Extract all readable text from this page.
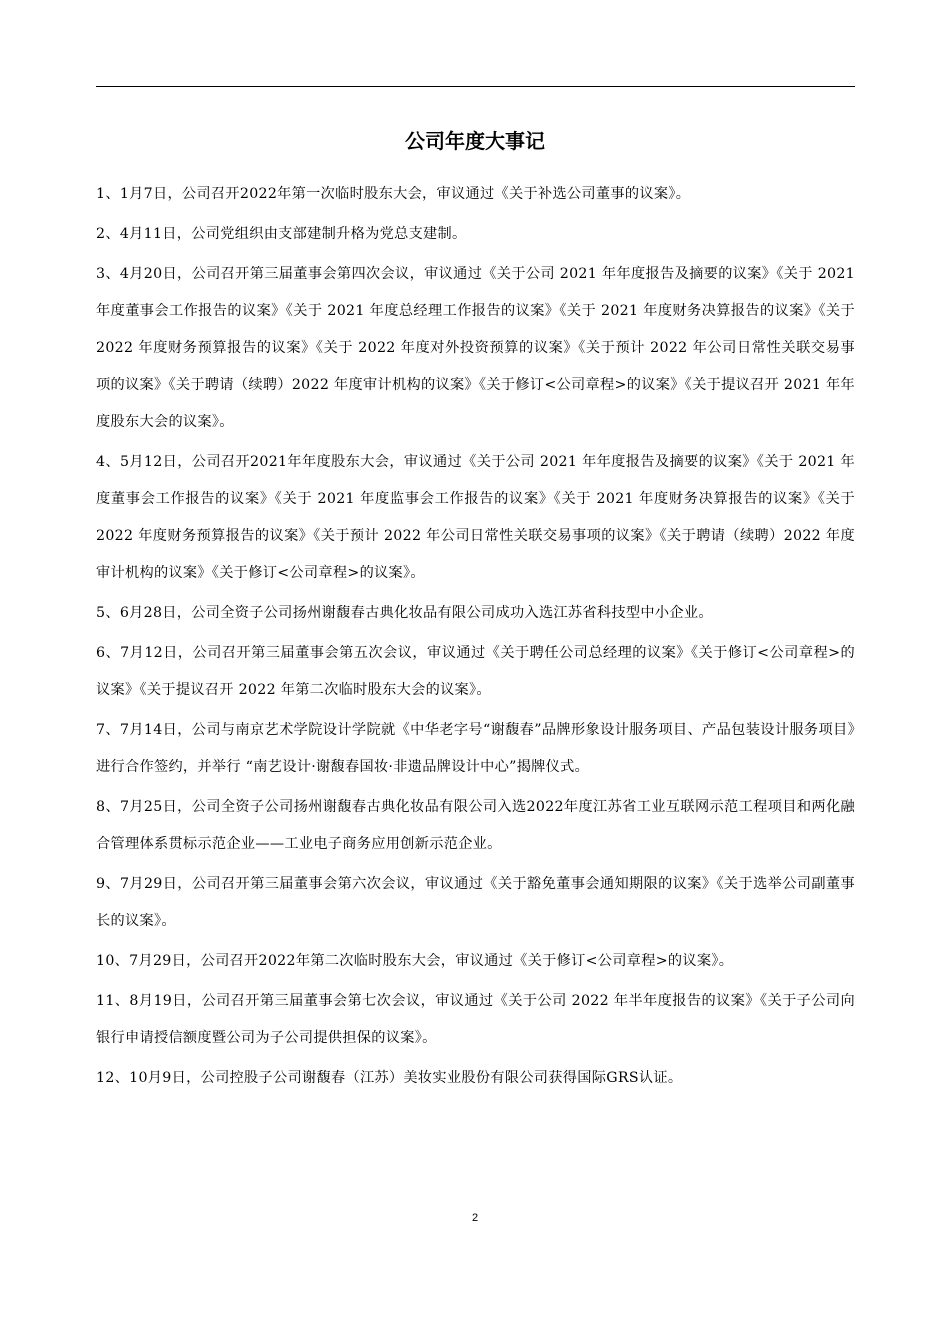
公司年度大事记
1、1月7日，公司召开2022年第一次临时股东大会，审议通过《关于补选公司董事的议案》。
2、4月11日，公司党组织由支部建制升格为党总支建制。
3、4月20日，公司召开第三届董事会第四次会议，审议通过《关于公司 2021 年年度报告及摘要的议案》《关于 2021 年度董事会工作报告的议案》《关于 2021 年度总经理工作报告的议案》《关于 2021 年度财务决算报告的议案》《关于 2022 年度财务预算报告的议案》《关于 2022 年度对外投资预算的议案》《关于预计 2022 年公司日常性关联交易事项的议案》《关于聘请（续聘）2022 年度审计机构的议案》《关于修订<公司章程>的议案》《关于提议召开 2021 年年度股东大会的议案》。
4、5月12日，公司召开2021年年度股东大会，审议通过《关于公司 2021 年年度报告及摘要的议案》《关于 2021 年度董事会工作报告的议案》《关于 2021 年度监事会工作报告的议案》《关于 2021 年度财务决算报告的议案》《关于 2022 年度财务预算报告的议案》《关于预计 2022 年公司日常性关联交易事项的议案》《关于聘请（续聘）2022 年度审计机构的议案》《关于修订<公司章程>的议案》。
5、6月28日，公司全资子公司扬州谢馥春古典化妆品有限公司成功入选江苏省科技型中小企业。
6、7月12日，公司召开第三届董事会第五次会议，审议通过《关于聘任公司总经理的议案》《关于修订<公司章程>的议案》《关于提议召开 2022 年第二次临时股东大会的议案》。
7、7月14日，公司与南京艺术学院设计学院就《中华老字号“谢馥春”品牌形象设计服务项目、产品包装设计服务项目》进行合作签约，并举行 “南艺设计·谢馥春国妆·非遗品牌设计中心”揭牌仪式。
8、7月25日，公司全资子公司扬州谢馥春古典化妆品有限公司入选2022年度江苏省工业互联网示范工程项目和两化融合管理体系贯标示范企业——工业电子商务应用创新示范企业。
9、7月29日，公司召开第三届董事会第六次会议，审议通过《关于豁免董事会通知期限的议案》《关于选举公司副董事长的议案》。
10、7月29日，公司召开2022年第二次临时股东大会，审议通过《关于修订<公司章程>的议案》。
11、8月19日，公司召开第三届董事会第七次会议，审议通过《关于公司 2022 年半年度报告的议案》《关于子公司向银行申请授信额度暨公司为子公司提供担保的议案》。
12、10月9日，公司控股子公司谢馥春（江苏）美妆实业股份有限公司获得国际GRS认证。
2
